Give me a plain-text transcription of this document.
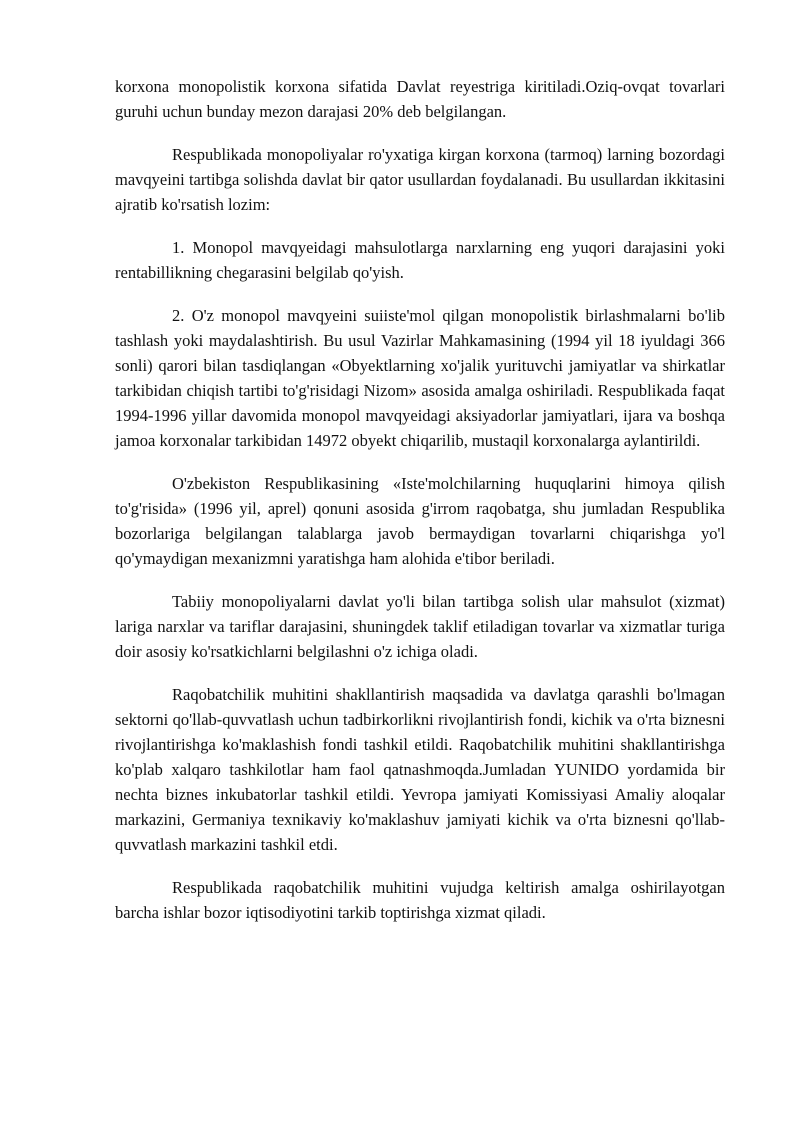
korxona monopolistik korxona sifatida Davlat reyestriga kiritiladi.Oziq-ovqat tovarlari guruhi uchun bunday mezon darajasi 20% deb belgilangan.

Respublikada monopoliyalar ro'yxatiga kirgan korxona (tarmoq) larning bozordagi mavqyeini tartibga solishda davlat bir qator usullardan foydalanadi. Bu usullardan ikkitasini ajratib ko'rsatish lozim:

1. Monopol mavqyeidagi mahsulotlarga narxlarning eng yuqori darajasini yoki rentabillikning chegarasini belgilab qo'yish.

2. O'z monopol mavqyeini suiiste'mol qilgan monopolistik birlashmalarni bo'lib tashlash yoki maydalashtirish. Bu usul Vazirlar Mahkamasining (1994 yil 18 iyuldagi 366 sonli) qarori bilan tasdiqlangan «Obyektlarning xo'jalik yurituvchi jamiyatlar va shirkatlar tarkibidan chiqish tartibi to'g'risidagi Nizom» asosida amalga oshiriladi. Respublikada faqat 1994-1996 yillar davomida monopol mavqyeidagi aksiyadorlar jamiyatlari, ijara va boshqa jamoa korxonalar tarkibidan 14972 obyekt chiqarilib, mustaqil korxonalarga aylantirildi.

O'zbekiston Respublikasining «Iste'molchilarning huquqlarini himoya qilish to'g'risida» (1996 yil, aprel) qonuni asosida g'irrom raqobatga, shu jumladan Respublika bozorlariga belgilangan talablarga javob bermaydigan tovarlarni chiqarishga yo'l qo'ymaydigan mexanizmni yaratishga ham alohida e'tibor beriladi.

Tabiiy monopoliyalarni davlat yo'li bilan tartibga solish ular mahsulot (xizmat) lariga narxlar va tariflar darajasini, shuningdek taklif etiladigan tovarlar va xizmatlar turiga doir asosiy ko'rsatkichlarni belgilashni o'z ichiga oladi.

Raqobatchilik muhitini shakllantirish maqsadida va davlatga qarashli bo'lmagan sektorni qo'llab-quvvatlash uchun tadbirkorlikni rivojlantirish fondi, kichik va o'rta biznesni rivojlantirishga ko'maklashish fondi tashkil etildi. Raqobatchilik muhitini shakllantirishga ko'plab xalqaro tashkilotlar ham faol qatnashmoqda.Jumladan YUNIDO yordamida bir nechta biznes inkubatorlar tashkil etildi. Yevropa jamiyati Komissiyasi Amaliy aloqalar markazini, Germaniya texnikaviy ko'maklashuv jamiyati kichik va o'rta biznesni qo'llab-quvvatlash markazini tashkil etdi.

Respublikada raqobatchilik muhitini vujudga keltirish amalga oshirilayotgan barcha ishlar bozor iqtisodiyotini tarkib toptirishga xizmat qiladi.
